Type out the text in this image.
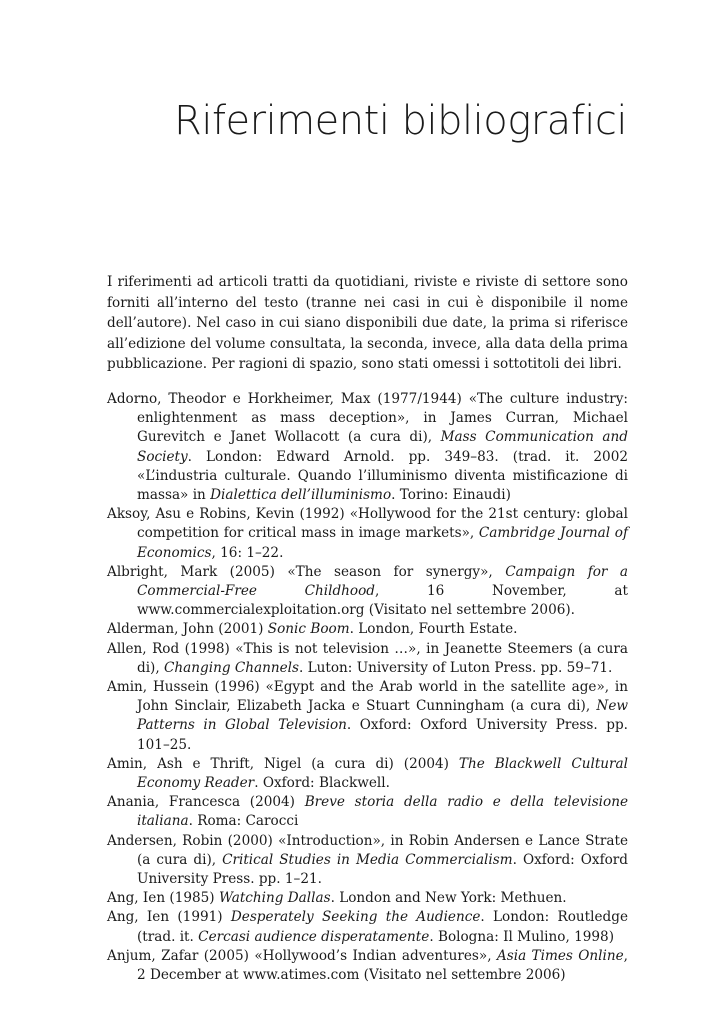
Riferimenti bibliografici

I riferimenti ad articoli tratti da quotidiani, riviste e riviste di settore sono forniti all’interno del testo (tranne nei casi in cui è disponibile il nome dell’autore). Nel caso in cui siano disponibili due date, la prima si riferisce all’edizione del volume consultata, la seconda, invece, alla data della prima pubblicazione. Per ragioni di spazio, sono stati omessi i sottotitoli dei libri.

Adorno, Theodor e Horkheimer, Max (1977/1944) «The culture industry: enlightenment as mass deception», in James Curran, Michael Gurevitch e Janet Wollacott (a cura di), Mass Communication and Society. London: Edward Arnold. pp. 349–83. (trad. it. 2002 «L’industria culturale. Quando l’illuminismo diventa mistificazione di massa» in Dialettica dell’illuminismo. Torino: Einaudi)
Aksoy, Asu e Robins, Kevin (1992) «Hollywood for the 21st century: global competition for critical mass in image markets», Cambridge Journal of Economics, 16: 1–22.
Albright, Mark (2005) «The season for synergy», Campaign for a Commercial-Free Childhood, 16 November, at www.commercialexploitation.org (Visitato nel settembre 2006).
Alderman, John (2001) Sonic Boom. London, Fourth Estate.
Allen, Rod (1998) «This is not television …», in Jeanette Steemers (a cura di), Changing Channels. Luton: University of Luton Press. pp. 59–71.
Amin, Hussein (1996) «Egypt and the Arab world in the satellite age», in John Sinclair, Elizabeth Jacka e Stuart Cunningham (a cura di), New Patterns in Global Television. Oxford: Oxford University Press. pp. 101–25.
Amin, Ash e Thrift, Nigel (a cura di) (2004) The Blackwell Cultural Economy Reader. Oxford: Blackwell.
Anania, Francesca (2004) Breve storia della radio e della televisione italiana. Roma: Carocci
Andersen, Robin (2000) «Introduction», in Robin Andersen e Lance Strate (a cura di), Critical Studies in Media Commercialism. Oxford: Oxford University Press. pp. 1–21.
Ang, Ien (1985) Watching Dallas. London and New York: Methuen.
Ang, Ien (1991) Desperately Seeking the Audience. London: Routledge (trad. it. Cercasi audience disperatamente. Bologna: Il Mulino, 1998)
Anjum, Zafar (2005) «Hollywood’s Indian adventures», Asia Times Online, 2 December at www.atimes.com (Visitato nel settembre 2006)
